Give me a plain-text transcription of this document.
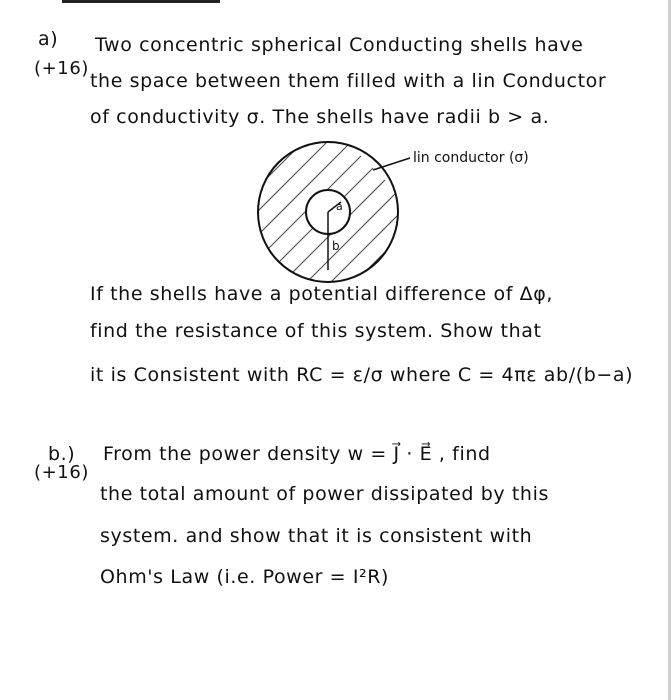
a)
(+16)
Two concentric spherical Conducting shells have
the space between them filled with a lin Conductor
of conductivity σ. The shells have radii b > a.
a
b
lin conductor (σ)
If the shells have a potential difference of Δφ,
find the resistance of this system. Show that
it is Consistent with RC = ε/σ where C = 4πε ab/(b−a)
b.)
(+16)
From the power density w = J⃗ · E⃗ , find
the total amount of power dissipated by this
system. and show that it is consistent with
Ohm's Law (i.e. Power = I²R)
